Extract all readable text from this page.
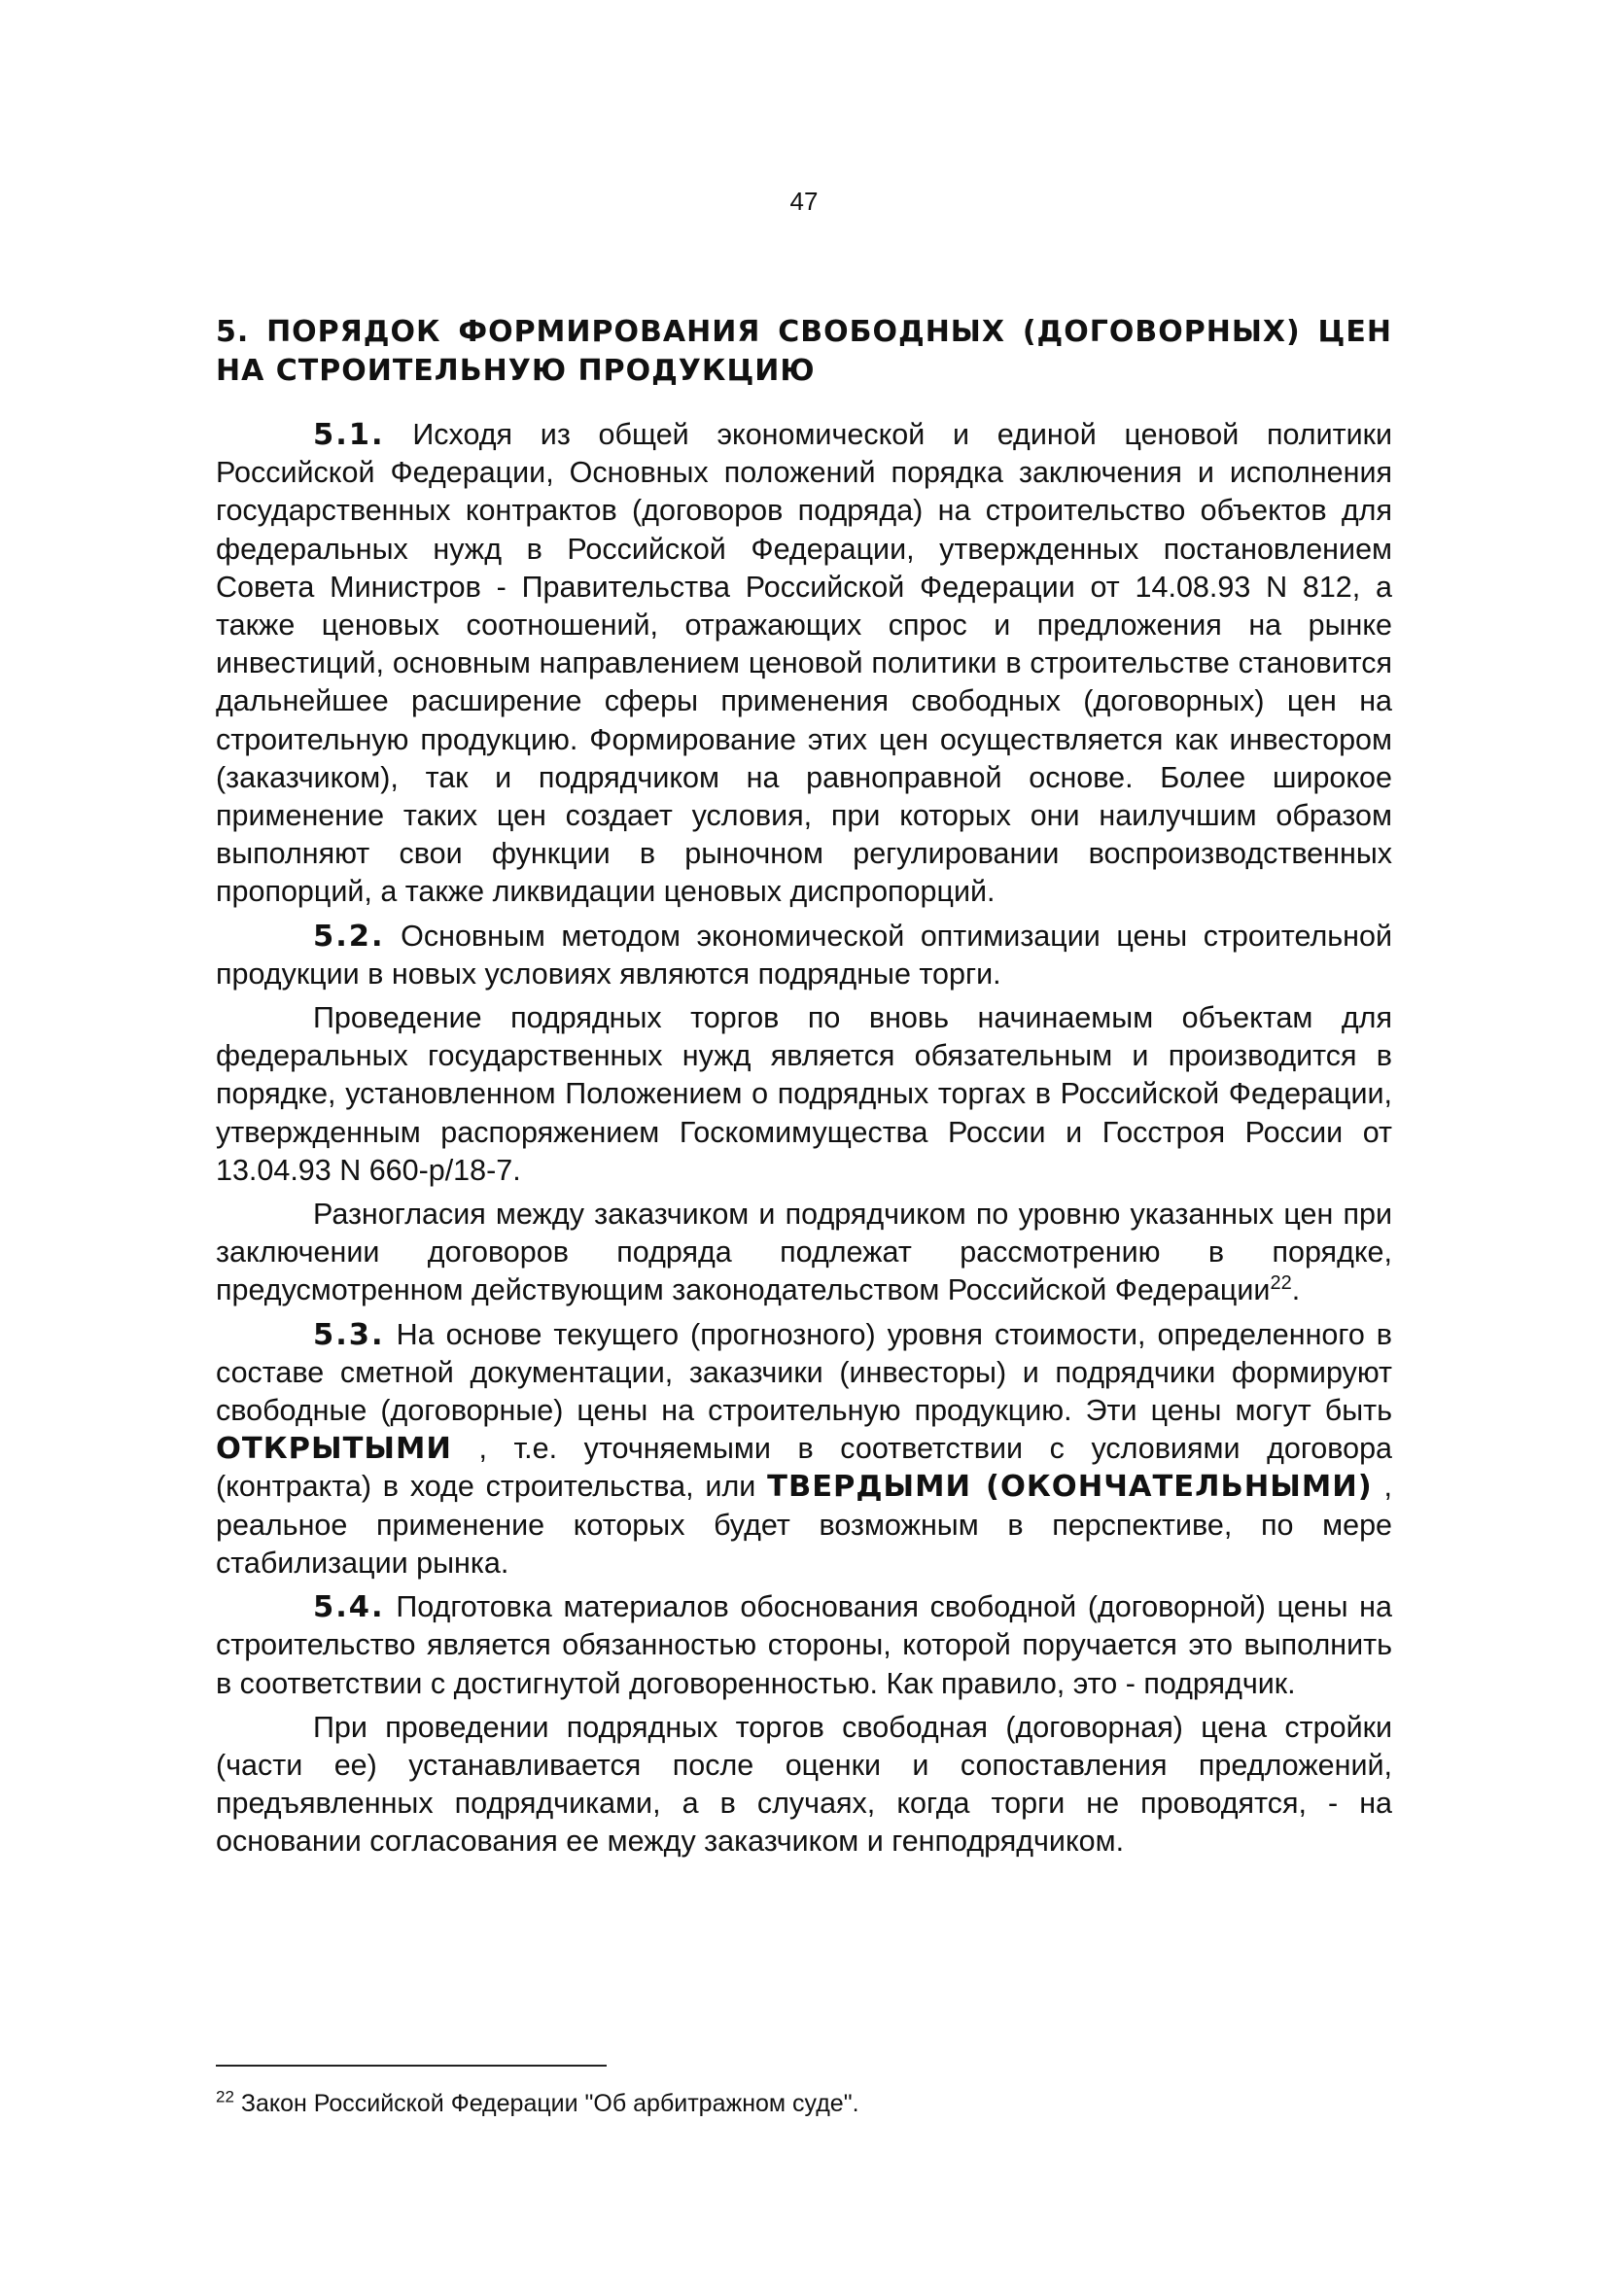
47
5. ПОРЯДОК ФОРМИРОВАНИЯ СВОБОДНЫХ (ДОГОВОРНЫХ) ЦЕН НА СТРОИТЕЛЬНУЮ ПРОДУКЦИЮ

5.1. Исходя из общей экономической и единой ценовой политики Российской Федерации, Основных положений порядка заключения и исполнения государственных контрактов (договоров подряда) на строительство объектов для федеральных нужд в Российской Федерации, утвержденных постановлением Совета Министров - Правительства Российской Федерации от 14.08.93 N 812, а также ценовых соотношений, отражающих спрос и предложения на рынке инвестиций, основным направлением ценовой политики в строительстве становится дальнейшее расширение сферы применения свободных (договорных) цен на строительную продукцию. Формирование этих цен осуществляется как инвестором (заказчиком), так и подрядчиком на равноправной основе. Более широкое применение таких цен создает условия, при которых они наилучшим образом выполняют свои функции в рыночном регулировании воспроизводственных пропорций, а также ликвидации ценовых диспропорций.

5.2. Основным методом экономической оптимизации цены строительной продукции в новых условиях являются подрядные торги.

Проведение подрядных торгов по вновь начинаемым объектам для федеральных государственных нужд является обязательным и производится в порядке, установленном Положением о подрядных торгах в Российской Федерации, утвержденным распоряжением Госкомимущества России и Госстроя России от 13.04.93 N 660-р/18-7.

Разногласия между заказчиком и подрядчиком по уровню указанных цен при заключении договоров подряда подлежат рассмотрению в порядке, предусмотренном действующим законодательством Российской Федерации$^{22}$.

5.3. На основе текущего (прогнозного) уровня стоимости, определенного в составе сметной документации, заказчики (инвесторы) и подрядчики формируют свободные (договорные) цены на строительную продукцию. Эти цены могут быть ОТКРЫТЫМИ , т.е. уточняемыми в соответствии с условиями договора (контракта) в ходе строительства, или ТВЕРДЫМИ (ОКОНЧАТЕЛЬНЫМИ) , реальное применение которых будет возможным в перспективе, по мере стабилизации рынка.

5.4. Подготовка материалов обоснования свободной (договорной) цены на строительство является обязанностью стороны, которой поручается это выполнить в соответствии с достигнутой договоренностью. Как правило, это - подрядчик.

При проведении подрядных торгов свободная (договорная) цена стройки (части ее) устанавливается после оценки и сопоставления предложений, предъявленных подрядчиками, а в случаях, когда торги не проводятся, - на основании согласования ее между заказчиком и генподрядчиком.

$^{22}$ Закон Российской Федерации "Об арбитражном суде".
